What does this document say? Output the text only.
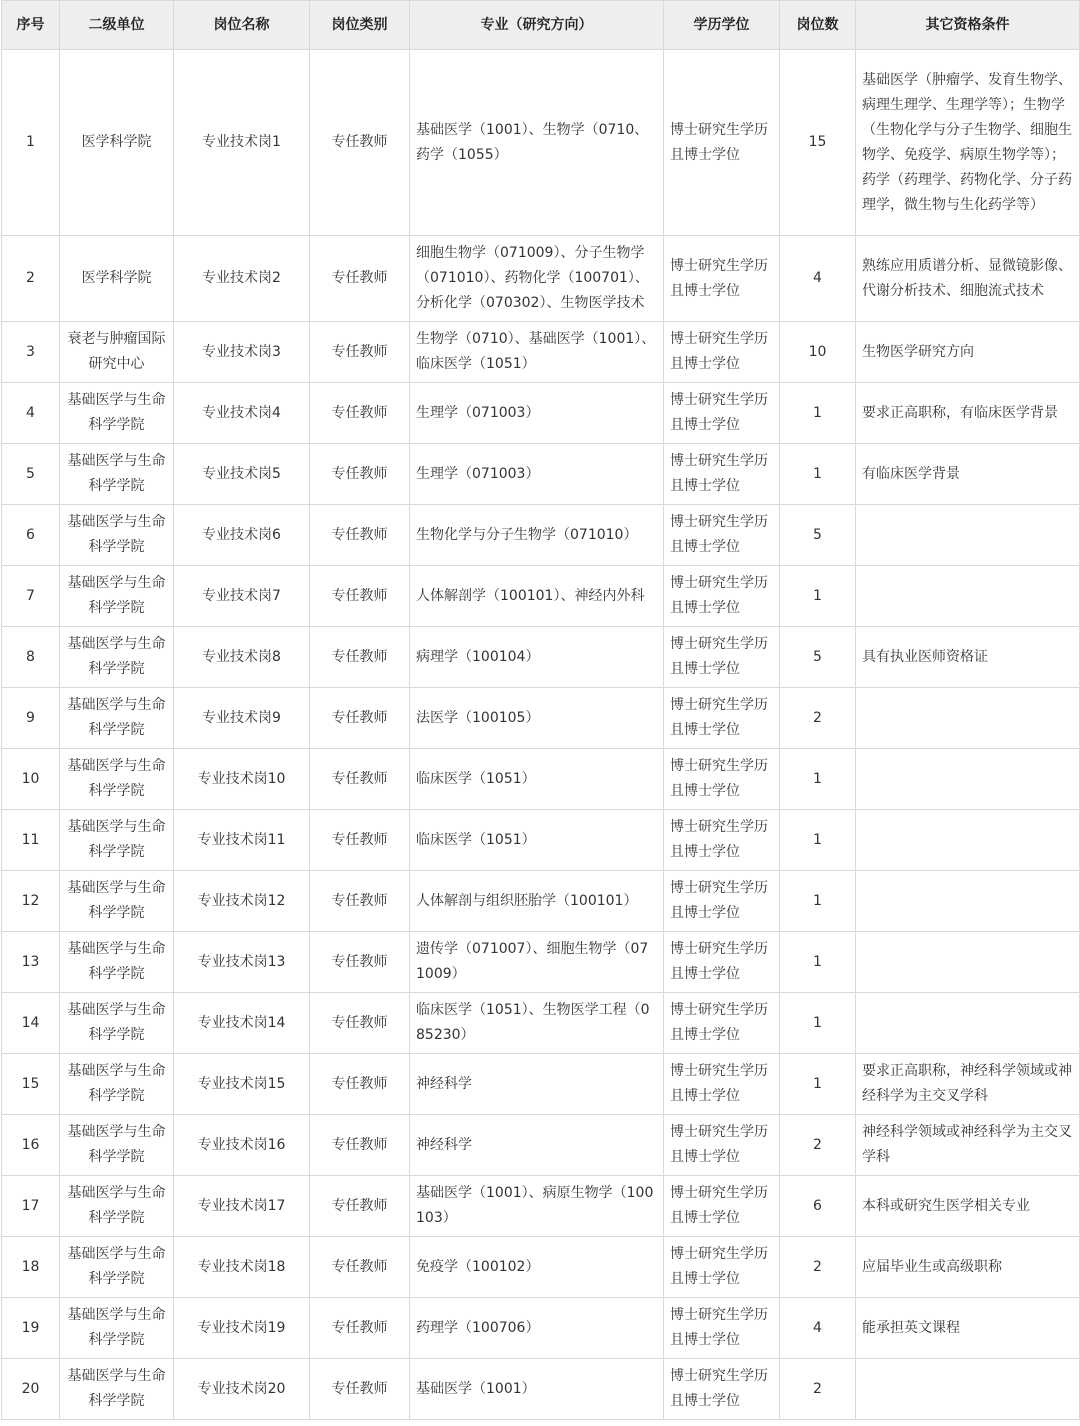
序号	二级单位	岗位名称	岗位类别	专业（研究方向）	学历学位	岗位数	其它资格条件
1	医学科学院	专业技术岗1	专任教师	基础医学（1001）、生物学（0710、药学（1055）	博士研究生学历且博士学位	15	基础医学（肿瘤学、发育生物学、病理生理学、生理学等）；生物学（生物化学与分子生物学、细胞生物学、免疫学、病原生物学等）；药学（药理学、药物化学、分子药理学，微生物与生化药学等）
2	医学科学院	专业技术岗2	专任教师	细胞生物学（071009）、分子生物学（071010）、药物化学（100701）、分析化学（070302）、生物医学技术	博士研究生学历且博士学位	4	熟练应用质谱分析、显微镜影像、代谢分析技术、细胞流式技术
3	衰老与肿瘤国际研究中心	专业技术岗3	专任教师	生物学（0710）、基础医学（1001）、临床医学（1051）	博士研究生学历且博士学位	10	生物医学研究方向
4	基础医学与生命科学学院	专业技术岗4	专任教师	生理学（071003）	博士研究生学历且博士学位	1	要求正高职称，有临床医学背景
5	基础医学与生命科学学院	专业技术岗5	专任教师	生理学（071003）	博士研究生学历且博士学位	1	有临床医学背景
6	基础医学与生命科学学院	专业技术岗6	专任教师	生物化学与分子生物学（071010）	博士研究生学历且博士学位	5	
7	基础医学与生命科学学院	专业技术岗7	专任教师	人体解剖学（100101）、神经内外科	博士研究生学历且博士学位	1	
8	基础医学与生命科学学院	专业技术岗8	专任教师	病理学（100104）	博士研究生学历且博士学位	5	具有执业医师资格证
9	基础医学与生命科学学院	专业技术岗9	专任教师	法医学（100105）	博士研究生学历且博士学位	2	
10	基础医学与生命科学学院	专业技术岗10	专任教师	临床医学（1051）	博士研究生学历且博士学位	1	
11	基础医学与生命科学学院	专业技术岗11	专任教师	临床医学（1051）	博士研究生学历且博士学位	1	
12	基础医学与生命科学学院	专业技术岗12	专任教师	人体解剖与组织胚胎学（100101）	博士研究生学历且博士学位	1	
13	基础医学与生命科学学院	专业技术岗13	专任教师	遗传学（071007）、细胞生物学（071009）	博士研究生学历且博士学位	1	
14	基础医学与生命科学学院	专业技术岗14	专任教师	临床医学（1051）、生物医学工程（085230）	博士研究生学历且博士学位	1	
15	基础医学与生命科学学院	专业技术岗15	专任教师	神经科学	博士研究生学历且博士学位	1	要求正高职称，神经科学领域或神经科学为主交叉学科
16	基础医学与生命科学学院	专业技术岗16	专任教师	神经科学	博士研究生学历且博士学位	2	神经科学领域或神经科学为主交叉学科
17	基础医学与生命科学学院	专业技术岗17	专任教师	基础医学（1001）、病原生物学（100103）	博士研究生学历且博士学位	6	本科或研究生医学相关专业
18	基础医学与生命科学学院	专业技术岗18	专任教师	免疫学（100102）	博士研究生学历且博士学位	2	应届毕业生或高级职称
19	基础医学与生命科学学院	专业技术岗19	专任教师	药理学（100706）	博士研究生学历且博士学位	4	能承担英文课程
20	基础医学与生命科学学院	专业技术岗20	专任教师	基础医学（1001）	博士研究生学历且博士学位	2	
